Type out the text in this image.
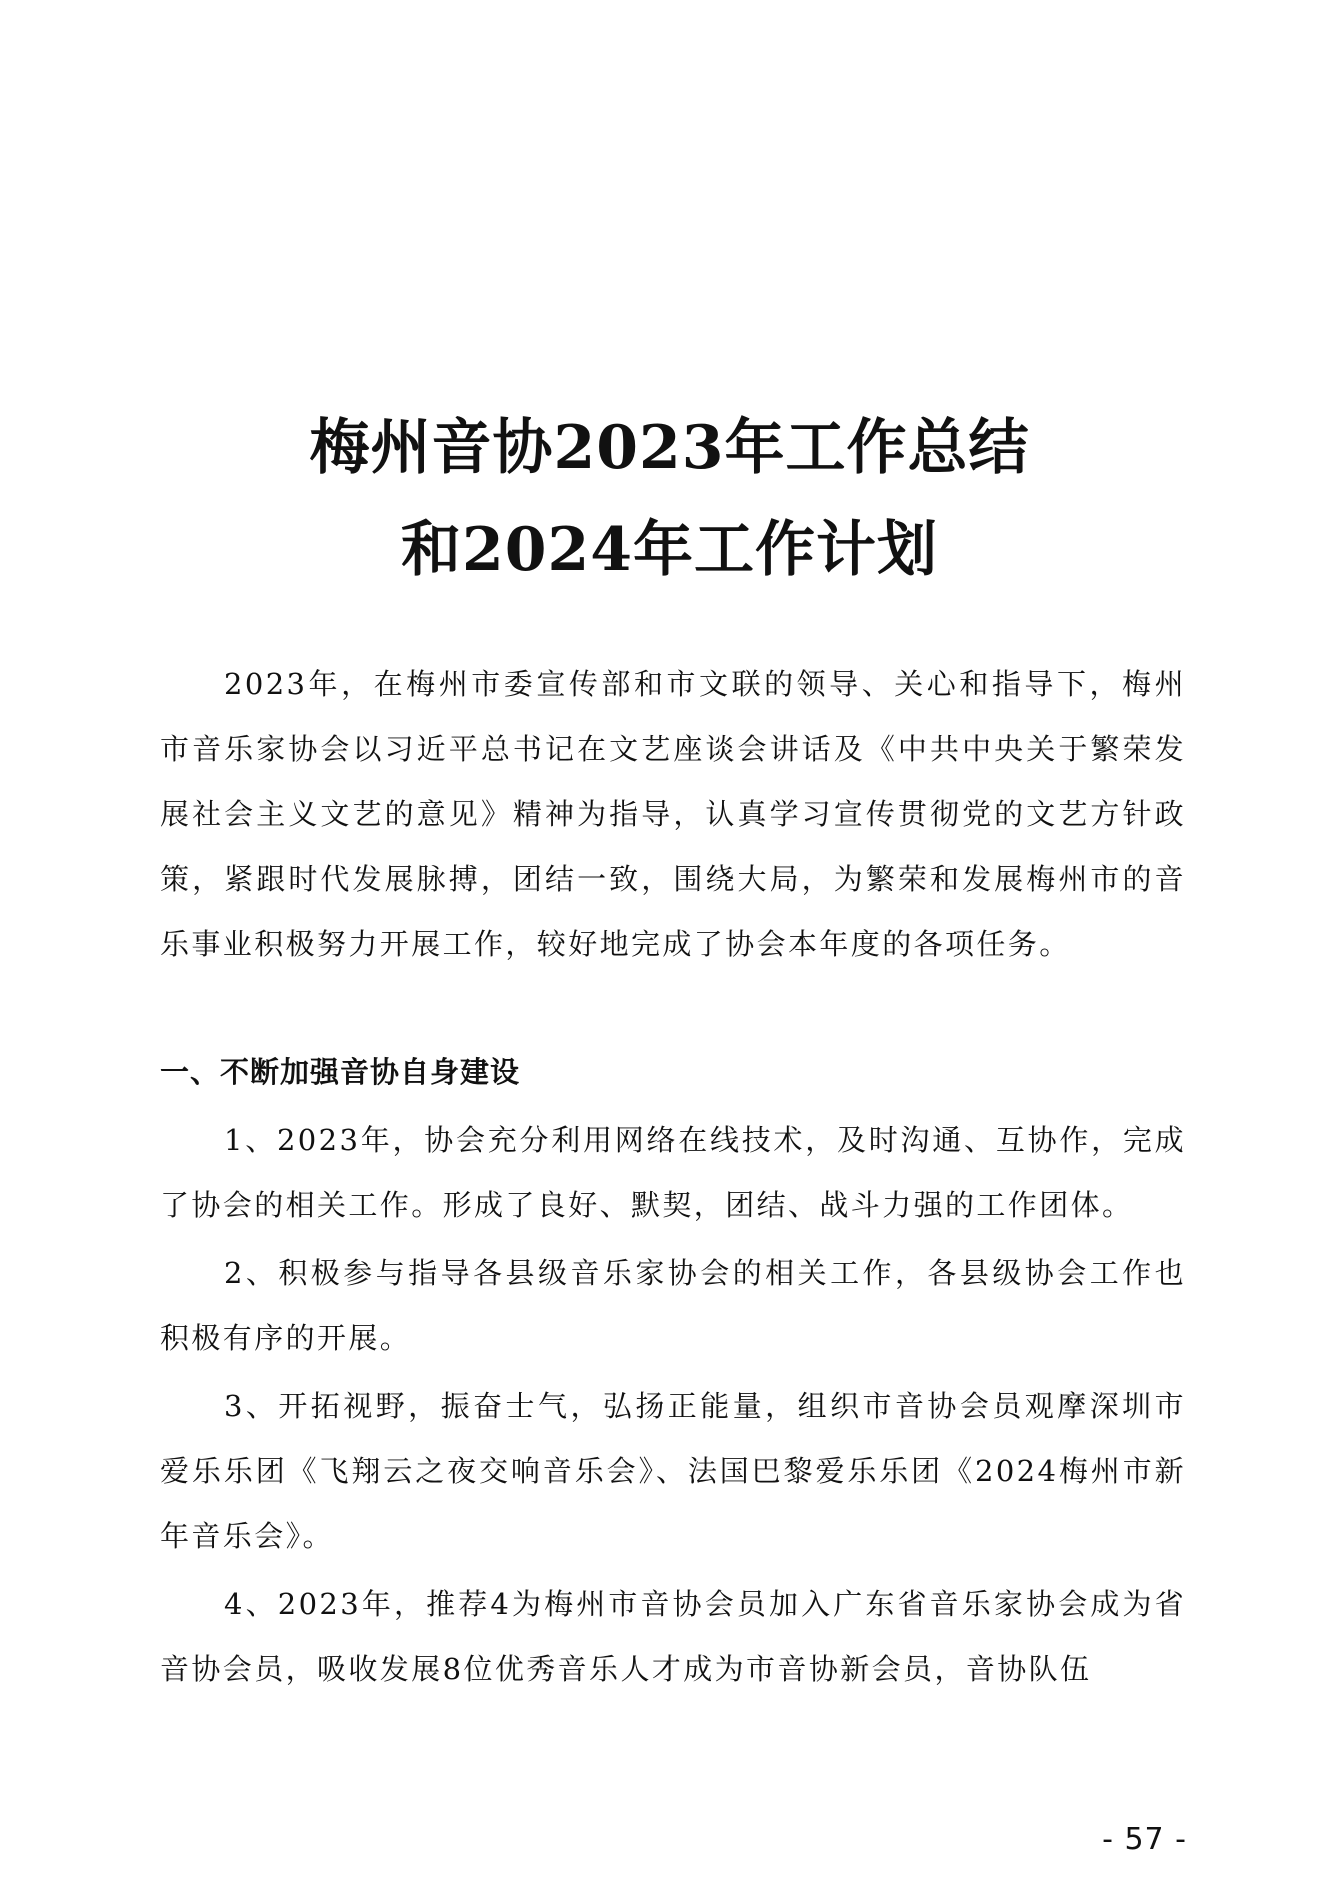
梅州音协2023年工作总结
和2024年工作计划

2023年，在梅州市委宣传部和市文联的领导、关心和指导下，梅州市音乐家协会以习近平总书记在文艺座谈会讲话及《中共中央关于繁荣发展社会主义文艺的意见》精神为指导，认真学习宣传贯彻党的文艺方针政策，紧跟时代发展脉搏，团结一致，围绕大局，为繁荣和发展梅州市的音乐事业积极努力开展工作，较好地完成了协会本年度的各项任务。

一、不断加强音协自身建设

1、2023年，协会充分利用网络在线技术，及时沟通、互协作，完成了协会的相关工作。形成了良好、默契，团结、战斗力强的工作团体。

2、积极参与指导各县级音乐家协会的相关工作，各县级协会工作也积极有序的开展。

3、开拓视野，振奋士气，弘扬正能量，组织市音协会员观摩深圳市爱乐乐团《飞翔云之夜交响音乐会》、法国巴黎爱乐乐团《2024梅州市新年音乐会》。

4、2023年，推荐4为梅州市音协会员加入广东省音乐家协会成为省音协会员，吸收发展8位优秀音乐人才成为市音协新会员，音协队伍

- 57 -
